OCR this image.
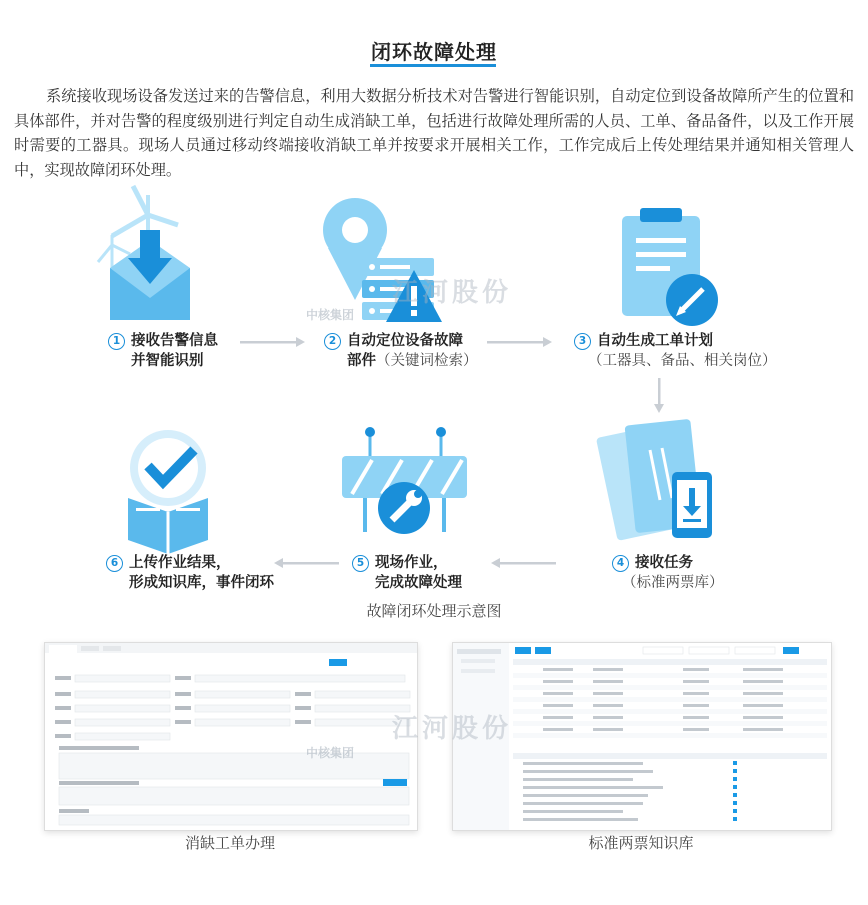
闭环故障处理
系统接收现场设备发送过来的告警信息，利用大数据分析技术对告警进行智能识别，自动定位到设备故障所产生的位置和具体部件，并对告警的程度级别进行判定自动生成消缺工单，包括进行故障处理所需的人员、工单、备品备件，以及工作开展时需要的工器具。现场人员通过移动终端接收消缺工单并按要求开展相关工作，工作完成后上传处理结果并通知相关管理人中，实现故障闭环处理。
1 接收告警信息
并智能识别
2 自动定位设备故障
部件（关键词检索）
3 自动生成工单计划
（工器具、备品、相关岗位）
4 接收任务
（标准两票库）
5 现场作业，
完成故障处理
6 上传作业结果，
形成知识库，事件闭环
故障闭环处理示意图
江河股份
中核集团
消缺工单办理	标准两票知识库
江河股份
中核集团
